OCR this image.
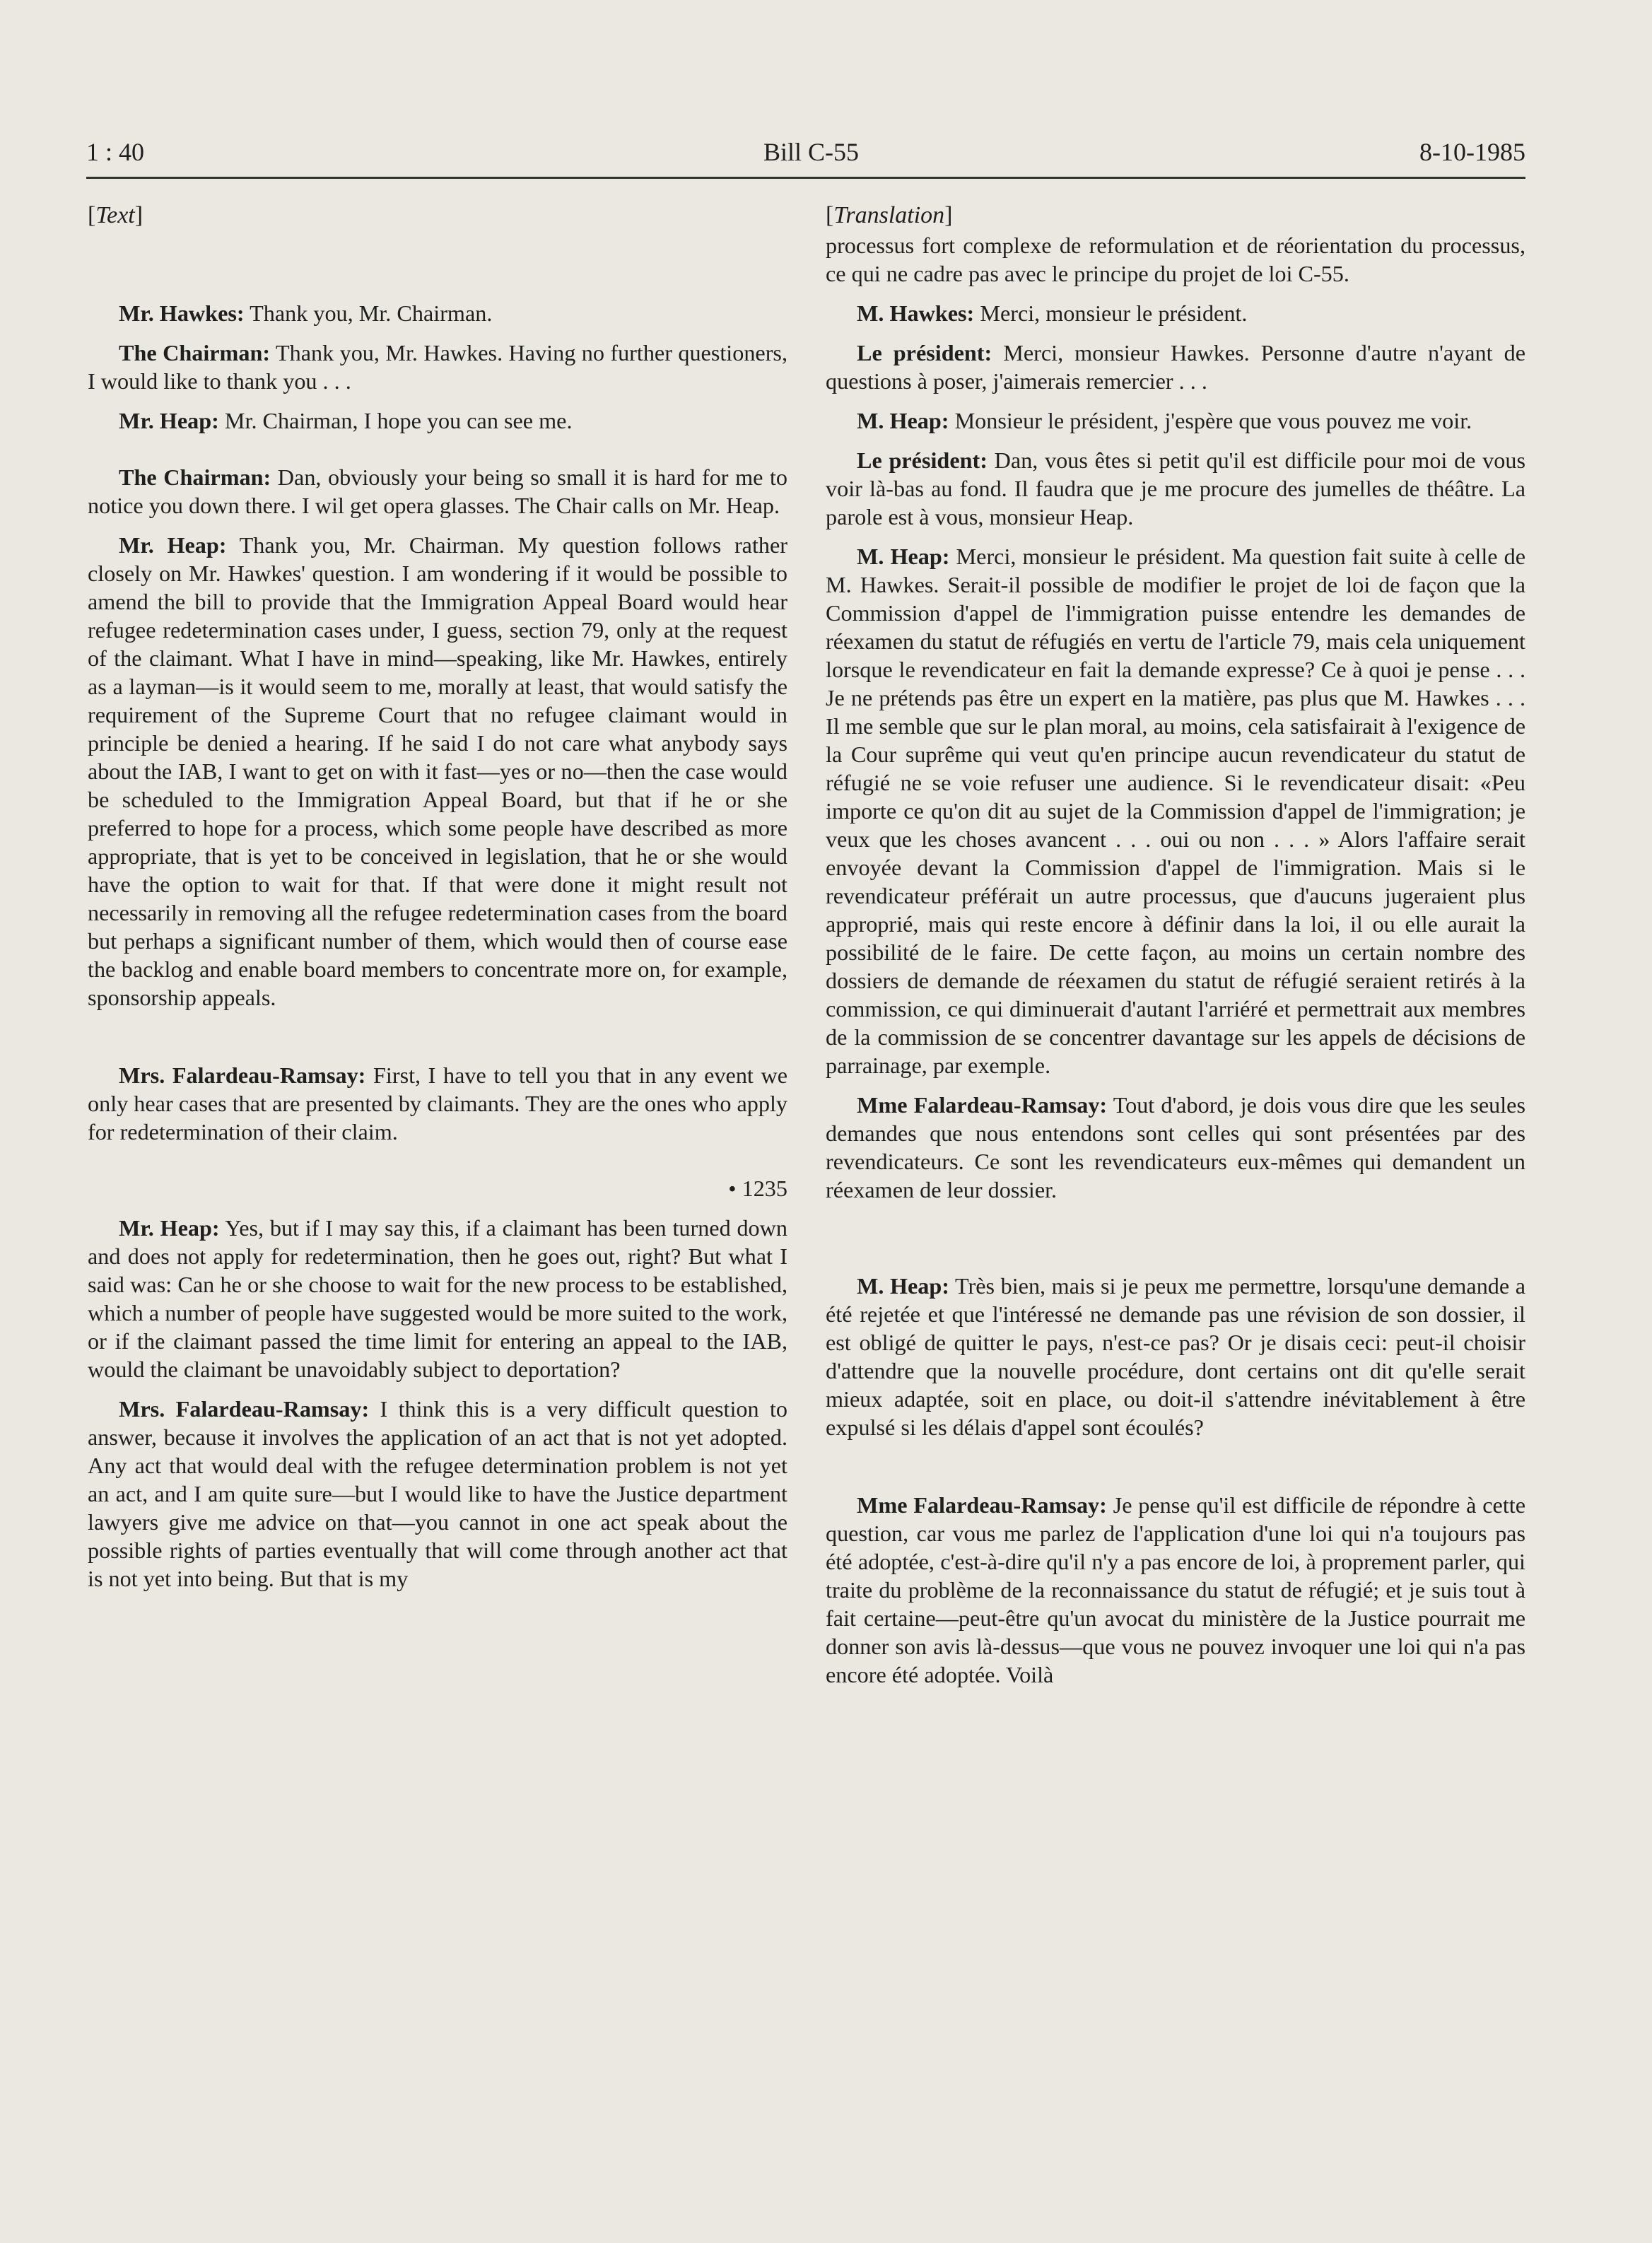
1 : 40	Bill C-55	8-10-1985
[ Text ]

Mr. Hawkes: Thank you, Mr. Chairman.

The Chairman: Thank you, Mr. Hawkes. Having no further questioners, I would like to thank you . . .

Mr. Heap: Mr. Chairman, I hope you can see me.

The Chairman: Dan, obviously your being so small it is hard for me to notice you down there. I wil get opera glasses. The Chair calls on Mr. Heap.

Mr. Heap: Thank you, Mr. Chairman. My question follows rather closely on Mr. Hawkes' question. I am wondering if it would be possible to amend the bill to provide that the Immigration Appeal Board would hear refugee redetermination cases under, I guess, section 79, only at the request of the claimant. What I have in mind—speaking, like Mr. Hawkes, entirely as a layman—is it would seem to me, morally at least, that would satisfy the requirement of the Supreme Court that no refugee claimant would in principle be denied a hearing. If he said I do not care what anybody says about the IAB, I want to get on with it fast—yes or no—then the case would be scheduled to the Immigration Appeal Board, but that if he or she preferred to hope for a process, which some people have described as more appropriate, that is yet to be conceived in legislation, that he or she would have the option to wait for that. If that were done it might result not necessarily in removing all the refugee redetermination cases from the board but perhaps a significant number of them, which would then of course ease the backlog and enable board members to concentrate more on, for example, sponsorship appeals.

Mrs. Falardeau-Ramsay: First, I have to tell you that in any event we only hear cases that are presented by claimants. They are the ones who apply for redetermination of their claim.

• 1235

Mr. Heap: Yes, but if I may say this, if a claimant has been turned down and does not apply for redetermination, then he goes out, right? But what I said was: Can he or she choose to wait for the new process to be established, which a number of people have suggested would be more suited to the work, or if the claimant passed the time limit for entering an appeal to the IAB, would the claimant be unavoidably subject to deportation?

Mrs. Falardeau-Ramsay: I think this is a very difficult question to answer, because it involves the application of an act that is not yet adopted. Any act that would deal with the refugee determination problem is not yet an act, and I am quite sure—but I would like to have the Justice department lawyers give me advice on that—you cannot in one act speak about the possible rights of parties eventually that will come through another act that is not yet into being. But that is my

[ Translation ]

processus fort complexe de reformulation et de réorientation du processus, ce qui ne cadre pas avec le principe du projet de loi C-55.

M. Hawkes: Merci, monsieur le président.

Le président: Merci, monsieur Hawkes. Personne d'autre n'ayant de questions à poser, j'aimerais remercier . . .

M. Heap: Monsieur le président, j'espère que vous pouvez me voir.

Le président: Dan, vous êtes si petit qu'il est difficile pour moi de vous voir là-bas au fond. Il faudra que je me procure des jumelles de théâtre. La parole est à vous, monsieur Heap.

M. Heap: Merci, monsieur le président. Ma question fait suite à celle de M. Hawkes. Serait-il possible de modifier le projet de loi de façon que la Commission d'appel de l'immigration puisse entendre les demandes de réexamen du statut de réfugiés en vertu de l'article 79, mais cela uniquement lorsque le revendicateur en fait la demande expresse? Ce à quoi je pense . . . Je ne prétends pas être un expert en la matière, pas plus que M. Hawkes . . . Il me semble que sur le plan moral, au moins, cela satisfairait à l'exigence de la Cour suprême qui veut qu'en principe aucun revendicateur du statut de réfugié ne se voie refuser une audience. Si le revendicateur disait: «Peu importe ce qu'on dit au sujet de la Commission d'appel de l'immigration; je veux que les choses avancent . . . oui ou non . . . » Alors l'affaire serait envoyée devant la Commission d'appel de l'immigration. Mais si le revendicateur préférait un autre processus, que d'aucuns jugeraient plus approprié, mais qui reste encore à définir dans la loi, il ou elle aurait la possibilité de le faire. De cette façon, au moins un certain nombre des dossiers de demande de réexamen du statut de réfugié seraient retirés à la commission, ce qui diminuerait d'autant l'arriéré et permettrait aux membres de la commission de se concentrer davantage sur les appels de décisions de parrainage, par exemple.

Mme Falardeau-Ramsay: Tout d'abord, je dois vous dire que les seules demandes que nous entendons sont celles qui sont présentées par des revendicateurs. Ce sont les revendicateurs eux-mêmes qui demandent un réexamen de leur dossier.

M. Heap: Très bien, mais si je peux me permettre, lorsqu'une demande a été rejetée et que l'intéressé ne demande pas une révision de son dossier, il est obligé de quitter le pays, n'est-ce pas? Or je disais ceci: peut-il choisir d'attendre que la nouvelle procédure, dont certains ont dit qu'elle serait mieux adaptée, soit en place, ou doit-il s'attendre inévitablement à être expulsé si les délais d'appel sont écoulés?

Mme Falardeau-Ramsay: Je pense qu'il est difficile de répondre à cette question, car vous me parlez de l'application d'une loi qui n'a toujours pas été adoptée, c'est-à-dire qu'il n'y a pas encore de loi, à proprement parler, qui traite du problème de la reconnaissance du statut de réfugié; et je suis tout à fait certaine—peut-être qu'un avocat du ministère de la Justice pourrait me donner son avis là-dessus—que vous ne pouvez invoquer une loi qui n'a pas encore été adoptée. Voilà
